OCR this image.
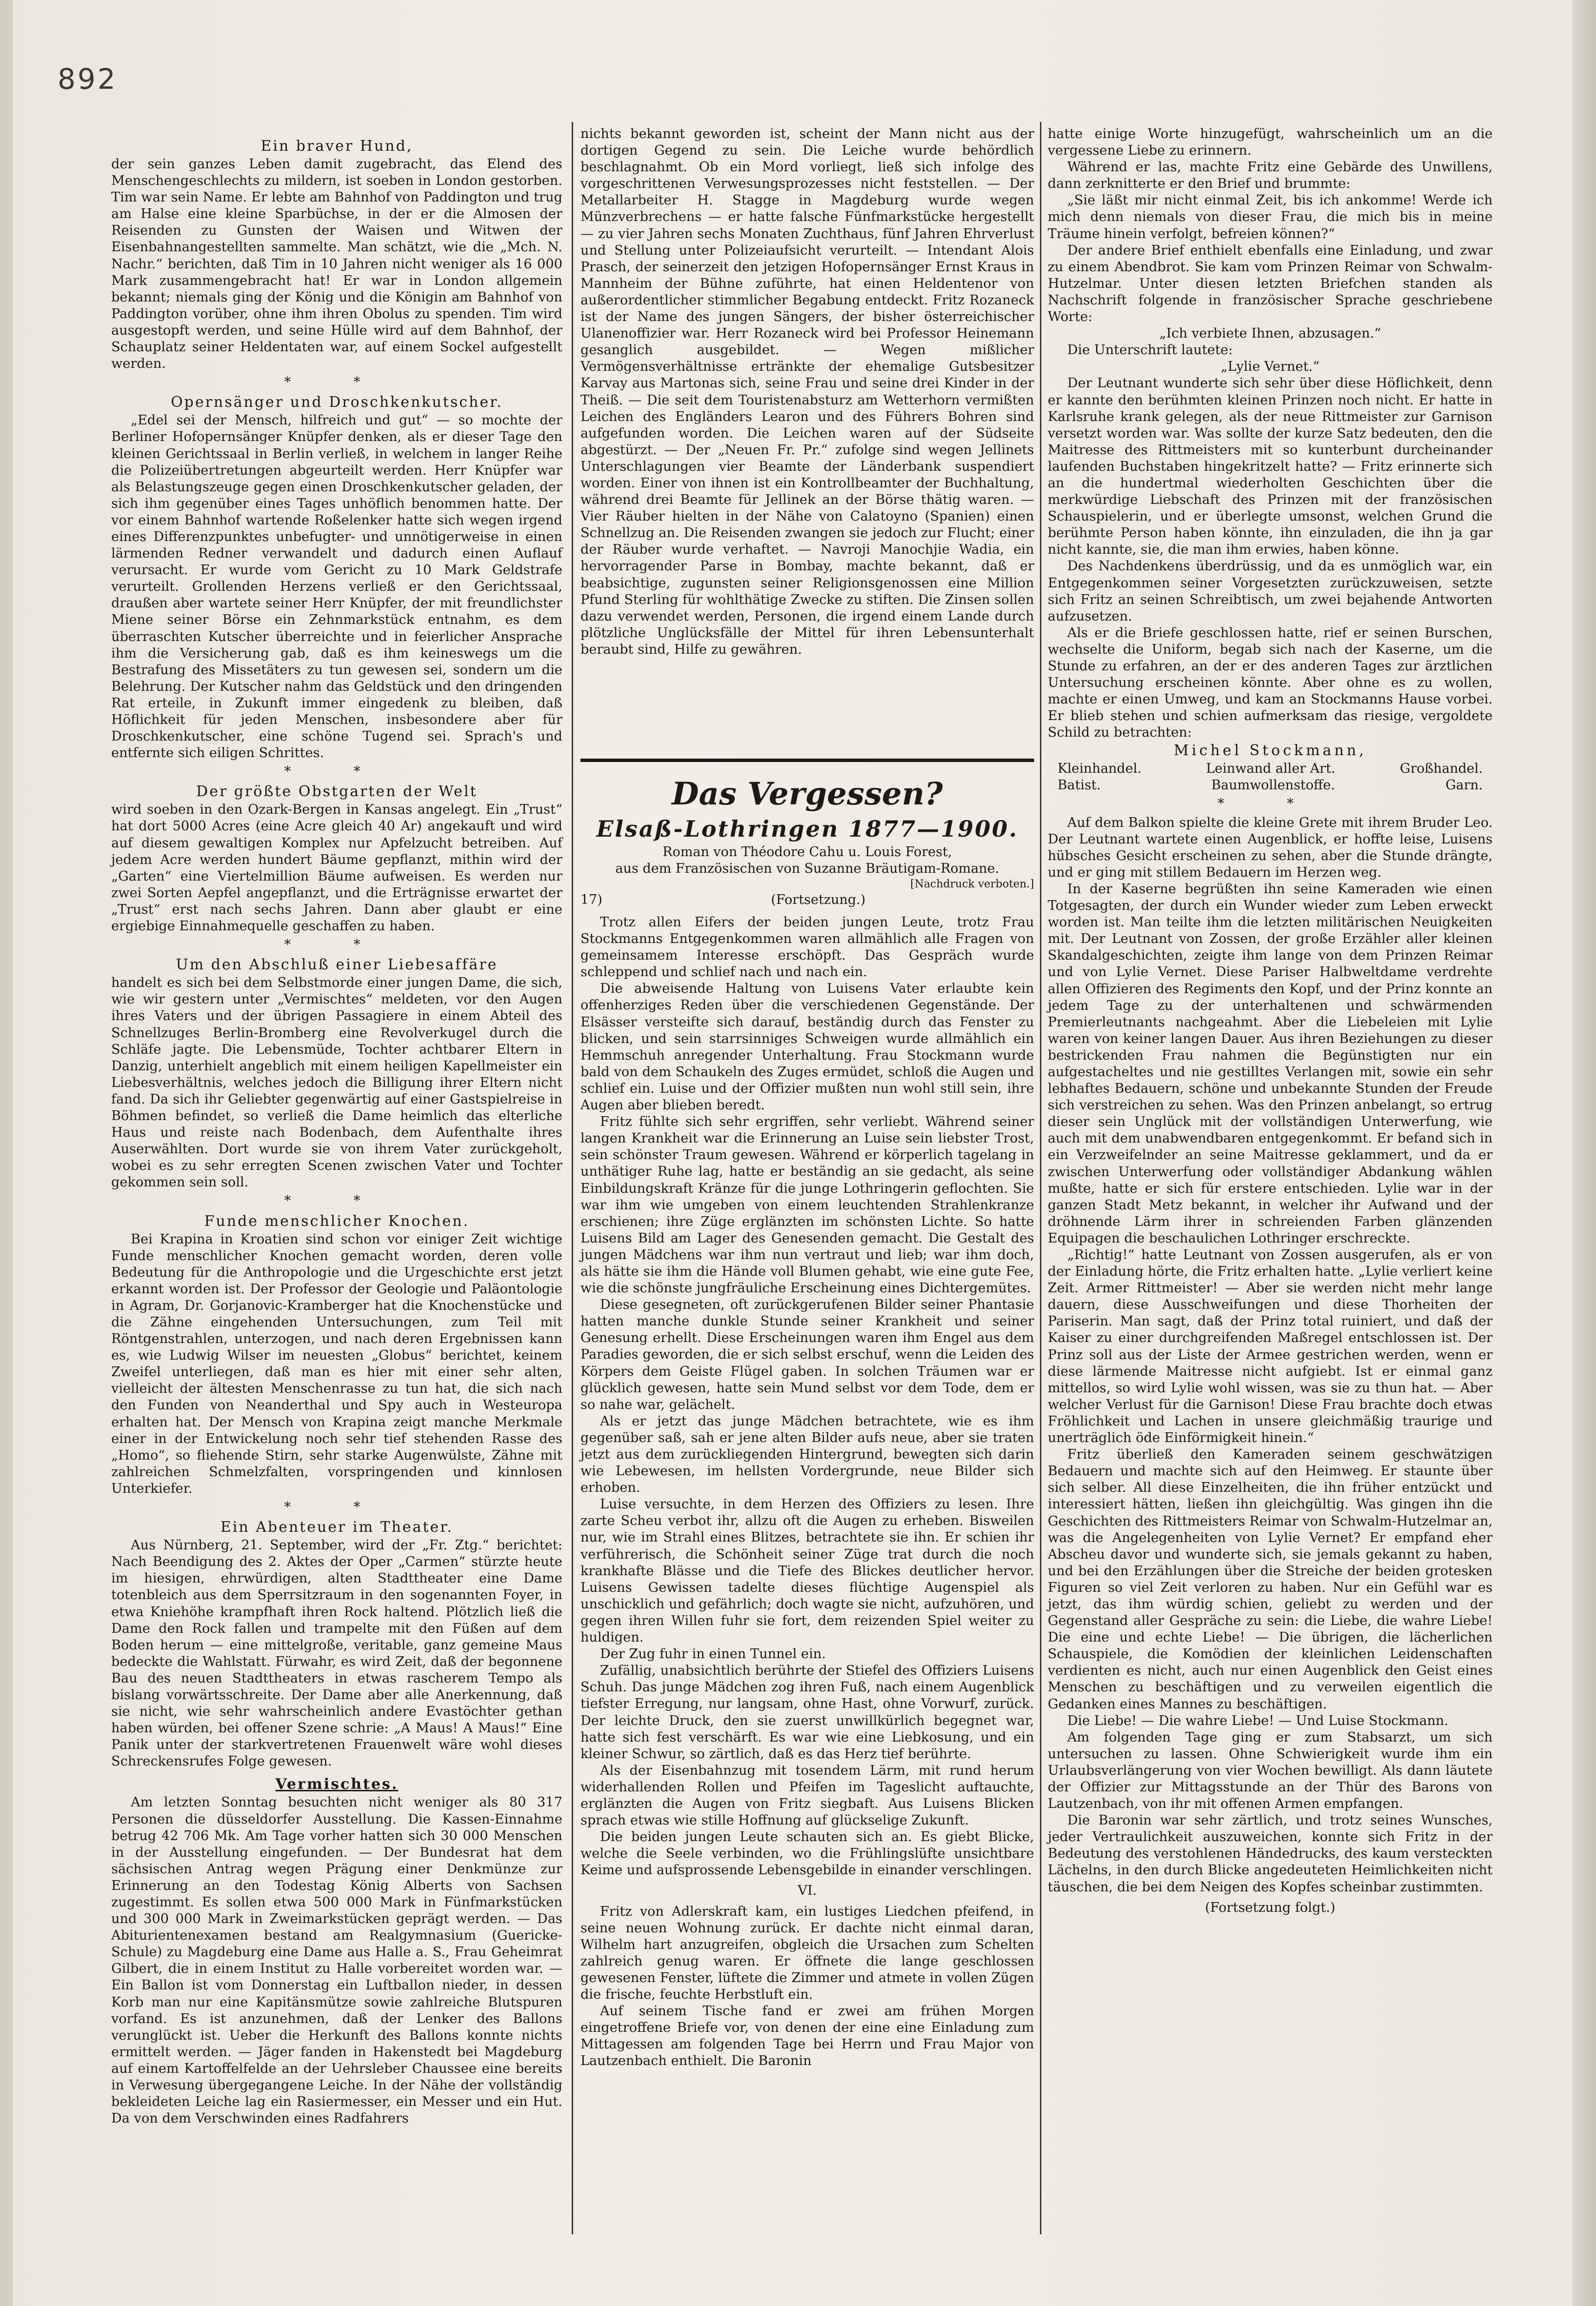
892
Ein braver Hund,

der sein ganzes Leben damit zugebracht, das Elend des Menschengeschlechts zu mildern, ist soeben in London gestorben. Tim war sein Name. Er lebte am Bahnhof von Paddington und trug am Halse eine kleine Sparbüchse, in der er die Almosen der Reisenden zu Gunsten der Waisen und Witwen der Eisenbahnangestellten sammelte. Man schätzt, wie die „Mch. N. Nachr.“ berichten, daß Tim in 10 Jahren nicht weniger als 16 000 Mark zusammengebracht hat! Er war in London allgemein bekannt; niemals ging der König und die Königin am Bahnhof von Paddington vorüber, ohne ihm ihren Obolus zu spenden. Tim wird ausgestopft werden, und seine Hülle wird auf dem Bahnhof, der Schauplatz seiner Heldentaten war, auf einem Sockel aufgestellt werden.

* *
Opernsänger und Droschkenkutscher.

„Edel sei der Mensch, hilfreich und gut“ — so mochte der Berliner Hofopernsänger Knüpfer denken, als er dieser Tage den kleinen Gerichtssaal in Berlin verließ, in welchem in langer Reihe die Polizeiübertretungen abgeurteilt werden. Herr Knüpfer war als Belastungszeuge gegen einen Droschkenkutscher geladen, der sich ihm gegenüber eines Tages unhöflich benommen hatte. Der vor einem Bahnhof wartende Roßelenker hatte sich wegen irgend eines Differenzpunktes unbefugter- und unnötigerweise in einen lärmenden Redner verwandelt und dadurch einen Auflauf verursacht. Er wurde vom Gericht zu 10 Mark Geldstrafe verurteilt. Grollenden Herzens verließ er den Gerichtssaal, draußen aber wartete seiner Herr Knüpfer, der mit freundlichster Miene seiner Börse ein Zehnmarkstück entnahm, es dem überraschten Kutscher überreichte und in feierlicher Ansprache ihm die Versicherung gab, daß es ihm keineswegs um die Bestrafung des Missetäters zu tun gewesen sei, sondern um die Belehrung. Der Kutscher nahm das Geldstück und den dringenden Rat erteile, in Zukunft immer eingedenk zu bleiben, daß Höflichkeit für jeden Menschen, insbesondere aber für Droschkenkutscher, eine schöne Tugend sei. Sprach's und entfernte sich eiligen Schrittes.

* *
Der größte Obstgarten der Welt

wird soeben in den Ozark-Bergen in Kansas angelegt. Ein „Trust“ hat dort 5000 Acres (eine Acre gleich 40 Ar) angekauft und wird auf diesem gewaltigen Komplex nur Apfelzucht betreiben. Auf jedem Acre werden hundert Bäume gepflanzt, mithin wird der „Garten“ eine Viertelmillion Bäume aufweisen. Es werden nur zwei Sorten Aepfel angepflanzt, und die Erträgnisse erwartet der „Trust“ erst nach sechs Jahren. Dann aber glaubt er eine ergiebige Einnahmequelle geschaffen zu haben.

* *
Um den Abschluß einer Liebesaffäre

handelt es sich bei dem Selbstmorde einer jungen Dame, die sich, wie wir gestern unter „Vermischtes“ meldeten, vor den Augen ihres Vaters und der übrigen Passagiere in einem Abteil des Schnellzuges Berlin-Bromberg eine Revolverkugel durch die Schläfe jagte. Die Lebensmüde, Tochter achtbarer Eltern in Danzig, unterhielt angeblich mit einem heiligen Kapellmeister ein Liebesverhältnis, welches jedoch die Billigung ihrer Eltern nicht fand. Da sich ihr Geliebter gegenwärtig auf einer Gastspielreise in Böhmen befindet, so verließ die Dame heimlich das elterliche Haus und reiste nach Bodenbach, dem Aufenthalte ihres Auserwählten. Dort wurde sie von ihrem Vater zurückgeholt, wobei es zu sehr erregten Scenen zwischen Vater und Tochter gekommen sein soll.

* *
Funde menschlicher Knochen.

Bei Krapina in Kroatien sind schon vor einiger Zeit wichtige Funde menschlicher Knochen gemacht worden, deren volle Bedeutung für die Anthropologie und die Urgeschichte erst jetzt erkannt worden ist. Der Professor der Geologie und Paläontologie in Agram, Dr. Gorjanovic-Kramberger hat die Knochenstücke und die Zähne eingehenden Untersuchungen, zum Teil mit Röntgenstrahlen, unterzogen, und nach deren Ergebnissen kann es, wie Ludwig Wilser im neuesten „Globus“ berichtet, keinem Zweifel unterliegen, daß man es hier mit einer sehr alten, vielleicht der ältesten Menschenrasse zu tun hat, die sich nach den Funden von Neanderthal und Spy auch in Westeuropa erhalten hat. Der Mensch von Krapina zeigt manche Merkmale einer in der Entwickelung noch sehr tief stehenden Rasse des „Homo“, so fliehende Stirn, sehr starke Augenwülste, Zähne mit zahlreichen Schmelzfalten, vorspringenden und kinnlosen Unterkiefer.

* *
Ein Abenteuer im Theater.

Aus Nürnberg, 21. September, wird der „Fr. Ztg.“ berichtet: Nach Beendigung des 2. Aktes der Oper „Carmen“ stürzte heute im hiesigen, ehrwürdigen, alten Stadttheater eine Dame totenbleich aus dem Sperrsitzraum in den sogenannten Foyer, in etwa Kniehöhe krampfhaft ihren Rock haltend. Plötzlich ließ die Dame den Rock fallen und trampelte mit den Füßen auf dem Boden herum — eine mittelgroße, veritable, ganz gemeine Maus bedeckte die Wahlstatt. Fürwahr, es wird Zeit, daß der begonnene Bau des neuen Stadttheaters in etwas rascherem Tempo als bislang vorwärtsschreite. Der Dame aber alle Anerkennung, daß sie nicht, wie sehr wahrscheinlich andere Evastöchter gethan haben würden, bei offener Szene schrie: „A Maus! A Maus!“ Eine Panik unter der starkvertretenen Frauenwelt wäre wohl dieses Schreckensrufes Folge gewesen.

Vermischtes.

Am letzten Sonntag besuchten nicht weniger als 80 317 Personen die düsseldorfer Ausstellung. Die Kassen-Einnahme betrug 42 706 Mk. Am Tage vorher hatten sich 30 000 Menschen in der Ausstellung eingefunden. — Der Bundesrat hat dem sächsischen Antrag wegen Prägung einer Denkmünze zur Erinnerung an den Todestag König Alberts von Sachsen zugestimmt. Es sollen etwa 500 000 Mark in Fünfmarkstücken und 300 000 Mark in Zweimarkstücken geprägt werden. — Das Abiturientenexamen bestand am Realgymnasium (Guericke-Schule) zu Magdeburg eine Dame aus Halle a. S., Frau Geheimrat Gilbert, die in einem Institut zu Halle vorbereitet worden war. — Ein Ballon ist vom Donnerstag ein Luftballon nieder, in dessen Korb man nur eine Kapitänsmütze sowie zahlreiche Blutspuren vorfand. Es ist anzunehmen, daß der Lenker des Ballons verunglückt ist. Ueber die Herkunft des Ballons konnte nichts ermittelt werden. — Jäger fanden in Hakenstedt bei Magdeburg auf einem Kartoffelfelde an der Uehrsleber Chaussee eine bereits in Verwesung übergegangene Leiche. In der Nähe der vollständig bekleideten Leiche lag ein Rasiermesser, ein Messer und ein Hut. Da von dem Verschwinden eines Radfahrers

nichts bekannt geworden ist, scheint der Mann nicht aus der dortigen Gegend zu sein. Die Leiche wurde behördlich beschlagnahmt. Ob ein Mord vorliegt, ließ sich infolge des vorgeschrittenen Verwesungsprozesses nicht feststellen. — Der Metallarbeiter H. Stagge in Magdeburg wurde wegen Münzverbrechens — er hatte falsche Fünfmarkstücke hergestellt — zu vier Jahren sechs Monaten Zuchthaus, fünf Jahren Ehrverlust und Stellung unter Polizeiaufsicht verurteilt. — Intendant Alois Prasch, der seinerzeit den jetzigen Hofopernsänger Ernst Kraus in Mannheim der Bühne zuführte, hat einen Heldentenor von außerordentlicher stimmlicher Begabung entdeckt. Fritz Rozaneck ist der Name des jungen Sängers, der bisher österreichischer Ulanenoffizier war. Herr Rozaneck wird bei Professor Heinemann gesanglich ausgebildet. — Wegen mißlicher Vermögensverhältnisse ertränkte der ehemalige Gutsbesitzer Karvay aus Martonas sich, seine Frau und seine drei Kinder in der Theiß. — Die seit dem Touristenabsturz am Wetterhorn vermißten Leichen des Engländers Learon und des Führers Bohren sind aufgefunden worden. Die Leichen waren auf der Südseite abgestürzt. — Der „Neuen Fr. Pr.“ zufolge sind wegen Jellinets Unterschlagungen vier Beamte der Länderbank suspendiert worden. Einer von ihnen ist ein Kontrollbeamter der Buchhaltung, während drei Beamte für Jellinek an der Börse thätig waren. — Vier Räuber hielten in der Nähe von Calatoyno (Spanien) einen Schnellzug an. Die Reisenden zwangen sie jedoch zur Flucht; einer der Räuber wurde verhaftet. — Navroji Manochjie Wadia, ein hervorragender Parse in Bombay, machte bekannt, daß er beabsichtige, zugunsten seiner Religionsgenossen eine Million Pfund Sterling für wohlthätige Zwecke zu stiften. Die Zinsen sollen dazu verwendet werden, Personen, die irgend einem Lande durch plötzliche Unglücksfälle der Mittel für ihren Lebensunterhalt beraubt sind, Hilfe zu gewähren.

Das Vergessen?
Elsaß-Lothringen 1877—1900.
Roman von Théodore Cahu u. Louis Forest,
aus dem Französischen von Suzanne Bräutigam-Romane.
[Nachdruck verboten.]
17)	(Fortsetzung.)

Trotz allen Eifers der beiden jungen Leute, trotz Frau Stockmanns Entgegenkommen waren allmählich alle Fragen von gemeinsamem Interesse erschöpft. Das Gespräch wurde schleppend und schlief nach und nach ein.

Die abweisende Haltung von Luisens Vater erlaubte kein offenherziges Reden über die verschiedenen Gegenstände. Der Elsässer versteifte sich darauf, beständig durch das Fenster zu blicken, und sein starrsinniges Schweigen wurde allmählich ein Hemmschuh anregender Unterhaltung. Frau Stockmann wurde bald von dem Schaukeln des Zuges ermüdet, schloß die Augen und schlief ein. Luise und der Offizier mußten nun wohl still sein, ihre Augen aber blieben beredt.

Fritz fühlte sich sehr ergriffen, sehr verliebt. Während seiner langen Krankheit war die Erinnerung an Luise sein liebster Trost, sein schönster Traum gewesen. Während er körperlich tagelang in unthätiger Ruhe lag, hatte er beständig an sie gedacht, als seine Einbildungskraft Kränze für die junge Lothringerin geflochten. Sie war ihm wie umgeben von einem leuchtenden Strahlenkranze erschienen; ihre Züge erglänzten im schönsten Lichte. So hatte Luisens Bild am Lager des Genesenden gemacht. Die Gestalt des jungen Mädchens war ihm nun vertraut und lieb; war ihm doch, als hätte sie ihm die Hände voll Blumen gehabt, wie eine gute Fee, wie die schönste jungfräuliche Erscheinung eines Dichtergemütes.

Diese gesegneten, oft zurückgerufenen Bilder seiner Phantasie hatten manche dunkle Stunde seiner Krankheit und seiner Genesung erhellt. Diese Erscheinungen waren ihm Engel aus dem Paradies geworden, die er sich selbst erschuf, wenn die Leiden des Körpers dem Geiste Flügel gaben. In solchen Träumen war er glücklich gewesen, hatte sein Mund selbst vor dem Tode, dem er so nahe war, gelächelt.

Als er jetzt das junge Mädchen betrachtete, wie es ihm gegenüber saß, sah er jene alten Bilder aufs neue, aber sie traten jetzt aus dem zurückliegenden Hintergrund, bewegten sich darin wie Lebewesen, im hellsten Vordergrunde, neue Bilder sich erhoben.

Luise versuchte, in dem Herzen des Offiziers zu lesen. Ihre zarte Scheu verbot ihr, allzu oft die Augen zu erheben. Bisweilen nur, wie im Strahl eines Blitzes, betrachtete sie ihn. Er schien ihr verführerisch, die Schönheit seiner Züge trat durch die noch krankhafte Blässe und die Tiefe des Blickes deutlicher hervor. Luisens Gewissen tadelte dieses flüchtige Augenspiel als unschicklich und gefährlich; doch wagte sie nicht, aufzuhören, und gegen ihren Willen fuhr sie fort, dem reizenden Spiel weiter zu huldigen.

Der Zug fuhr in einen Tunnel ein.

Zufällig, unabsichtlich berührte der Stiefel des Offiziers Luisens Schuh. Das junge Mädchen zog ihren Fuß, nach einem Augenblick tiefster Erregung, nur langsam, ohne Hast, ohne Vorwurf, zurück. Der leichte Druck, den sie zuerst unwillkürlich begegnet war, hatte sich fest verschärft. Es war wie eine Liebkosung, und ein kleiner Schwur, so zärtlich, daß es das Herz tief berührte.

Als der Eisenbahnzug mit tosendem Lärm, mit rund herum widerhallenden Rollen und Pfeifen im Tageslicht auftauchte, erglänzten die Augen von Fritz siegbaft. Aus Luisens Blicken sprach etwas wie stille Hoffnung auf glückselige Zukunft.

Die beiden jungen Leute schauten sich an. Es giebt Blicke, welche die Seele verbinden, wo die Frühlingslüfte unsichtbare Keime und aufsprossende Lebensgebilde in einander verschlingen.

VI.

Fritz von Adlerskraft kam, ein lustiges Liedchen pfeifend, in seine neuen Wohnung zurück. Er dachte nicht einmal daran, Wilhelm hart anzugreifen, obgleich die Ursachen zum Schelten zahlreich genug waren. Er öffnete die lange geschlossen gewesenen Fenster, lüftete die Zimmer und atmete in vollen Zügen die frische, feuchte Herbstluft ein.

Auf seinem Tische fand er zwei am frühen Morgen eingetroffene Briefe vor, von denen der eine eine Einladung zum Mittagessen am folgenden Tage bei Herrn und Frau Major von Lautzenbach enthielt. Die Baronin

hatte einige Worte hinzugefügt, wahrscheinlich um an die vergessene Liebe zu erinnern.

Während er las, machte Fritz eine Gebärde des Unwillens, dann zerknitterte er den Brief und brummte:

„Sie läßt mir nicht einmal Zeit, bis ich ankomme! Werde ich mich denn niemals von dieser Frau, die mich bis in meine Träume hinein verfolgt, befreien können?“

Der andere Brief enthielt ebenfalls eine Einladung, und zwar zu einem Abendbrot. Sie kam vom Prinzen Reimar von Schwalm-Hutzelmar. Unter diesen letzten Briefchen standen als Nachschrift folgende in französischer Sprache geschriebene Worte:

„Ich verbiete Ihnen, abzusagen.“

Die Unterschrift lautete:

„Lylie Vernet.“

Der Leutnant wunderte sich sehr über diese Höflichkeit, denn er kannte den berühmten kleinen Prinzen noch nicht. Er hatte in Karlsruhe krank gelegen, als der neue Rittmeister zur Garnison versetzt worden war. Was sollte der kurze Satz bedeuten, den die Maitresse des Rittmeisters mit so kunterbunt durcheinander laufenden Buchstaben hingekritzelt hatte? — Fritz erinnerte sich an die hundertmal wiederholten Geschichten über die merkwürdige Liebschaft des Prinzen mit der französischen Schauspielerin, und er überlegte umsonst, welchen Grund die berühmte Person haben könnte, ihn einzuladen, die ihn ja gar nicht kannte, sie, die man ihm erwies, haben könne.

Des Nachdenkens überdrüssig, und da es unmöglich war, ein Entgegenkommen seiner Vorgesetzten zurückzuweisen, setzte sich Fritz an seinen Schreibtisch, um zwei bejahende Antworten aufzusetzen.

Als er die Briefe geschlossen hatte, rief er seinen Burschen, wechselte die Uniform, begab sich nach der Kaserne, um die Stunde zu erfahren, an der er des anderen Tages zur ärztlichen Untersuchung erscheinen könnte. Aber ohne es zu wollen, machte er einen Umweg, und kam an Stockmanns Hause vorbei. Er blieb stehen und schien aufmerksam das riesige, vergoldete Schild zu betrachten:

Michel Stockmann,
Kleinhandel.	Leinwand aller Art.	Großhandel.
Batist.	Baumwollenstoffe.	Garn.
* *

Auf dem Balkon spielte die kleine Grete mit ihrem Bruder Leo. Der Leutnant wartete einen Augenblick, er hoffte leise, Luisens hübsches Gesicht erscheinen zu sehen, aber die Stunde drängte, und er ging mit stillem Bedauern im Herzen weg.

In der Kaserne begrüßten ihn seine Kameraden wie einen Totgesagten, der durch ein Wunder wieder zum Leben erweckt worden ist. Man teilte ihm die letzten militärischen Neuigkeiten mit. Der Leutnant von Zossen, der große Erzähler aller kleinen Skandalgeschichten, zeigte ihm lange von dem Prinzen Reimar und von Lylie Vernet. Diese Pariser Halbweltdame verdrehte allen Offizieren des Regiments den Kopf, und der Prinz konnte an jedem Tage zu der unterhaltenen und schwärmenden Premierleutnants nachgeahmt. Aber die Liebeleien mit Lylie waren von keiner langen Dauer. Aus ihren Beziehungen zu dieser bestrickenden Frau nahmen die Begünstigten nur ein aufgestacheltes und nie gestilltes Verlangen mit, sowie ein sehr lebhaftes Bedauern, schöne und unbekannte Stunden der Freude sich verstreichen zu sehen. Was den Prinzen anbelangt, so ertrug dieser sein Unglück mit der vollständigen Unterwerfung, wie auch mit dem unabwendbaren entgegenkommt. Er befand sich in ein Verzweifelnder an seine Maitresse geklammert, und da er zwischen Unterwerfung oder vollständiger Abdankung wählen mußte, hatte er sich für erstere entschieden. Lylie war in der ganzen Stadt Metz bekannt, in welcher ihr Aufwand und der dröhnende Lärm ihrer in schreienden Farben glänzenden Equipagen die beschaulichen Lothringer erschreckte.

„Richtig!“ hatte Leutnant von Zossen ausgerufen, als er von der Einladung hörte, die Fritz erhalten hatte. „Lylie verliert keine Zeit. Armer Rittmeister! — Aber sie werden nicht mehr lange dauern, diese Ausschweifungen und diese Thorheiten der Pariserin. Man sagt, daß der Prinz total ruiniert, und daß der Kaiser zu einer durchgreifenden Maßregel entschlossen ist. Der Prinz soll aus der Liste der Armee gestrichen werden, wenn er diese lärmende Maitresse nicht aufgiebt. Ist er einmal ganz mittellos, so wird Lylie wohl wissen, was sie zu thun hat. — Aber welcher Verlust für die Garnison! Diese Frau brachte doch etwas Fröhlichkeit und Lachen in unsere gleichmäßig traurige und unerträglich öde Einförmigkeit hinein.“

Fritz überließ den Kameraden seinem geschwätzigen Bedauern und machte sich auf den Heimweg. Er staunte über sich selber. All diese Einzelheiten, die ihn früher entzückt und interessiert hätten, ließen ihn gleichgültig. Was gingen ihn die Geschichten des Rittmeisters Reimar von Schwalm-Hutzelmar an, was die Angelegenheiten von Lylie Vernet? Er empfand eher Abscheu davor und wunderte sich, sie jemals gekannt zu haben, und bei den Erzählungen über die Streiche der beiden grotesken Figuren so viel Zeit verloren zu haben. Nur ein Gefühl war es jetzt, das ihm würdig schien, geliebt zu werden und der Gegenstand aller Gespräche zu sein: die Liebe, die wahre Liebe! Die eine und echte Liebe! — Die übrigen, die lächerlichen Schauspiele, die Komödien der kleinlichen Leidenschaften verdienten es nicht, auch nur einen Augenblick den Geist eines Menschen zu beschäftigen und zu verweilen eigentlich die Gedanken eines Mannes zu beschäftigen.

Die Liebe! — Die wahre Liebe! — Und Luise Stockmann.

Am folgenden Tage ging er zum Stabsarzt, um sich untersuchen zu lassen. Ohne Schwierigkeit wurde ihm ein Urlaubsverlängerung von vier Wochen bewilligt. Als dann läutete der Offizier zur Mittagsstunde an der Thür des Barons von Lautzenbach, von ihr mit offenen Armen empfangen.

Die Baronin war sehr zärtlich, und trotz seines Wunsches, jeder Vertraulichkeit auszuweichen, konnte sich Fritz in der Bedeutung des verstohlenen Händedrucks, des kaum versteckten Lächelns, in den durch Blicke angedeuteten Heimlichkeiten nicht täuschen, die bei dem Neigen des Kopfes scheinbar zustimmten.

(Fortsetzung folgt.)
